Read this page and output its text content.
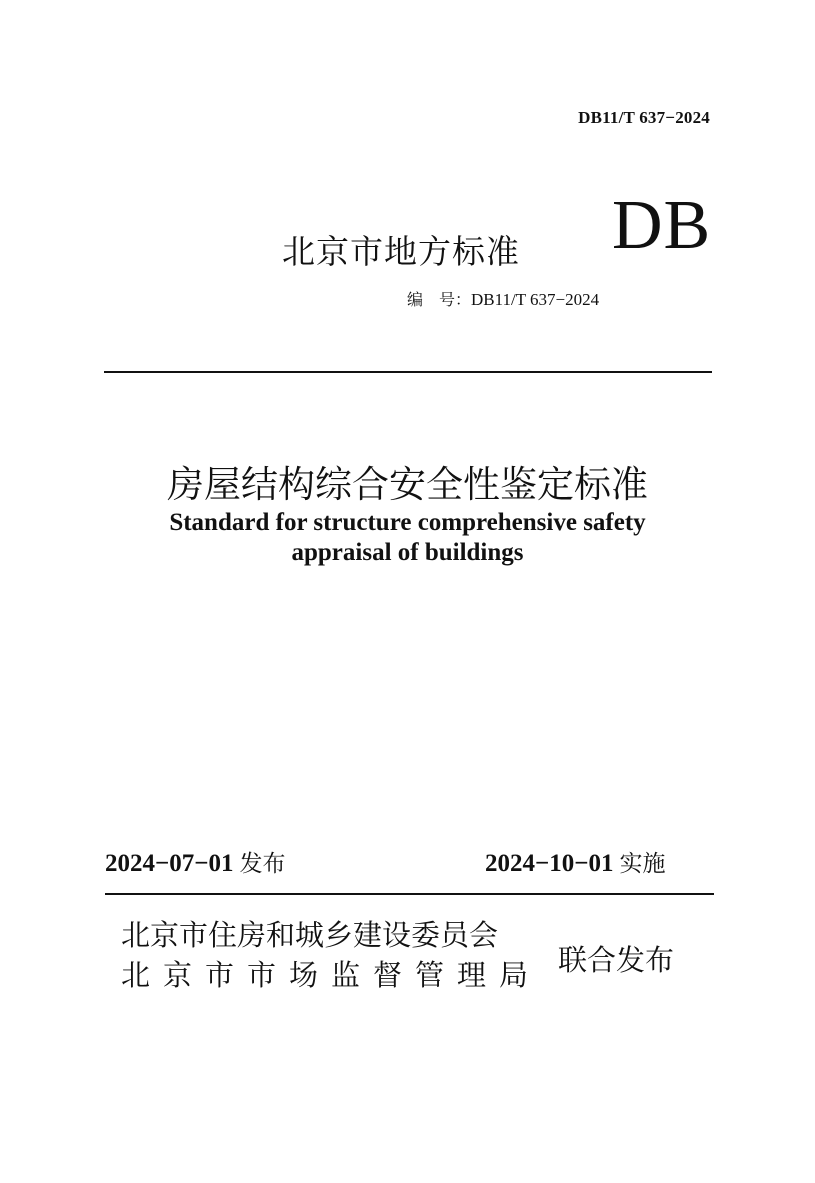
DB11/T 637−2024
北京市地方标准 DB
编　号：DB11/T 637−2024
房屋结构综合安全性鉴定标准
Standard for structure comprehensive safety
appraisal of buildings
2024−07−01 发布	2024−10−01 实施
北京市住房和城乡建设委员会
北京市市场监督管理局 联合发布
